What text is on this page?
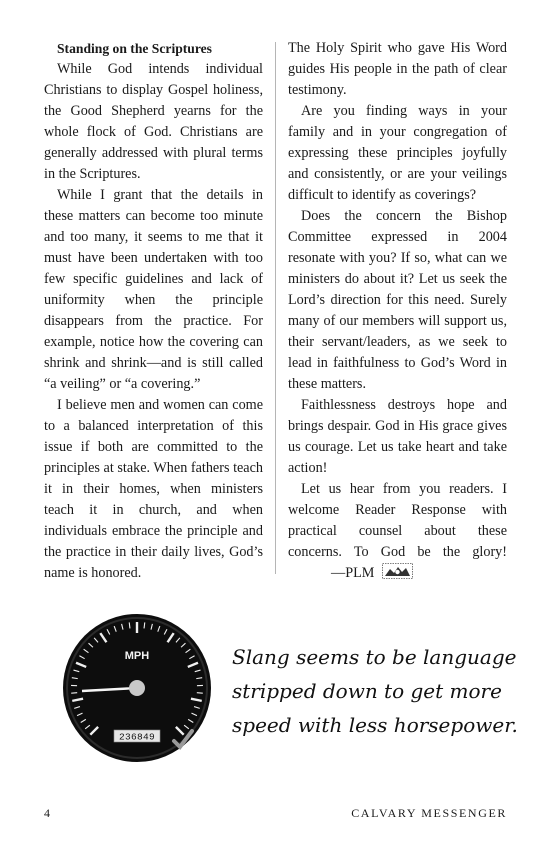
Standing on the Scriptures

While God intends individual Christians to display Gospel holiness, the Good Shepherd yearns for the whole flock of God. Christians are generally addressed with plural terms in the Scriptures.

While I grant that the details in these matters can become too minute and too many, it seems to me that it must have been undertaken with too few specific guidelines and lack of uniformity when the principle disappears from the practice. For example, notice how the covering can shrink and shrink—and is still called “a veiling” or “a covering.”

I believe men and women can come to a balanced interpretation of this issue if both are committed to the principles at stake. When fathers teach it in their homes, when ministers teach it in church, and when individuals embrace the principle and the practice in their daily lives, God’s name is honored.

The Holy Spirit who gave His Word guides His people in the path of clear testimony.

Are you finding ways in your family and in your congregation of expressing these principles joyfully and consistently, or are your veilings difficult to identify as coverings?

Does the concern the Bishop Committee expressed in 2004 resonate with you? If so, what can we ministers do about it? Let us seek the Lord’s direction for this need. Surely many of our members will support us, their servant/leaders, as we seek to lead in faithfulness to God’s Word in these matters.

Faithlessness destroys hope and brings despair. God in His grace gives us courage. Let us take heart and take action!

Let us hear from you readers. I welcome Reader Response with practical counsel about these concerns. To God be the glory!—PLM

MPH
236849
Slang seems to be language
stripped down to get more
speed with less horsepower.
4	CALVARY MESSENGER
